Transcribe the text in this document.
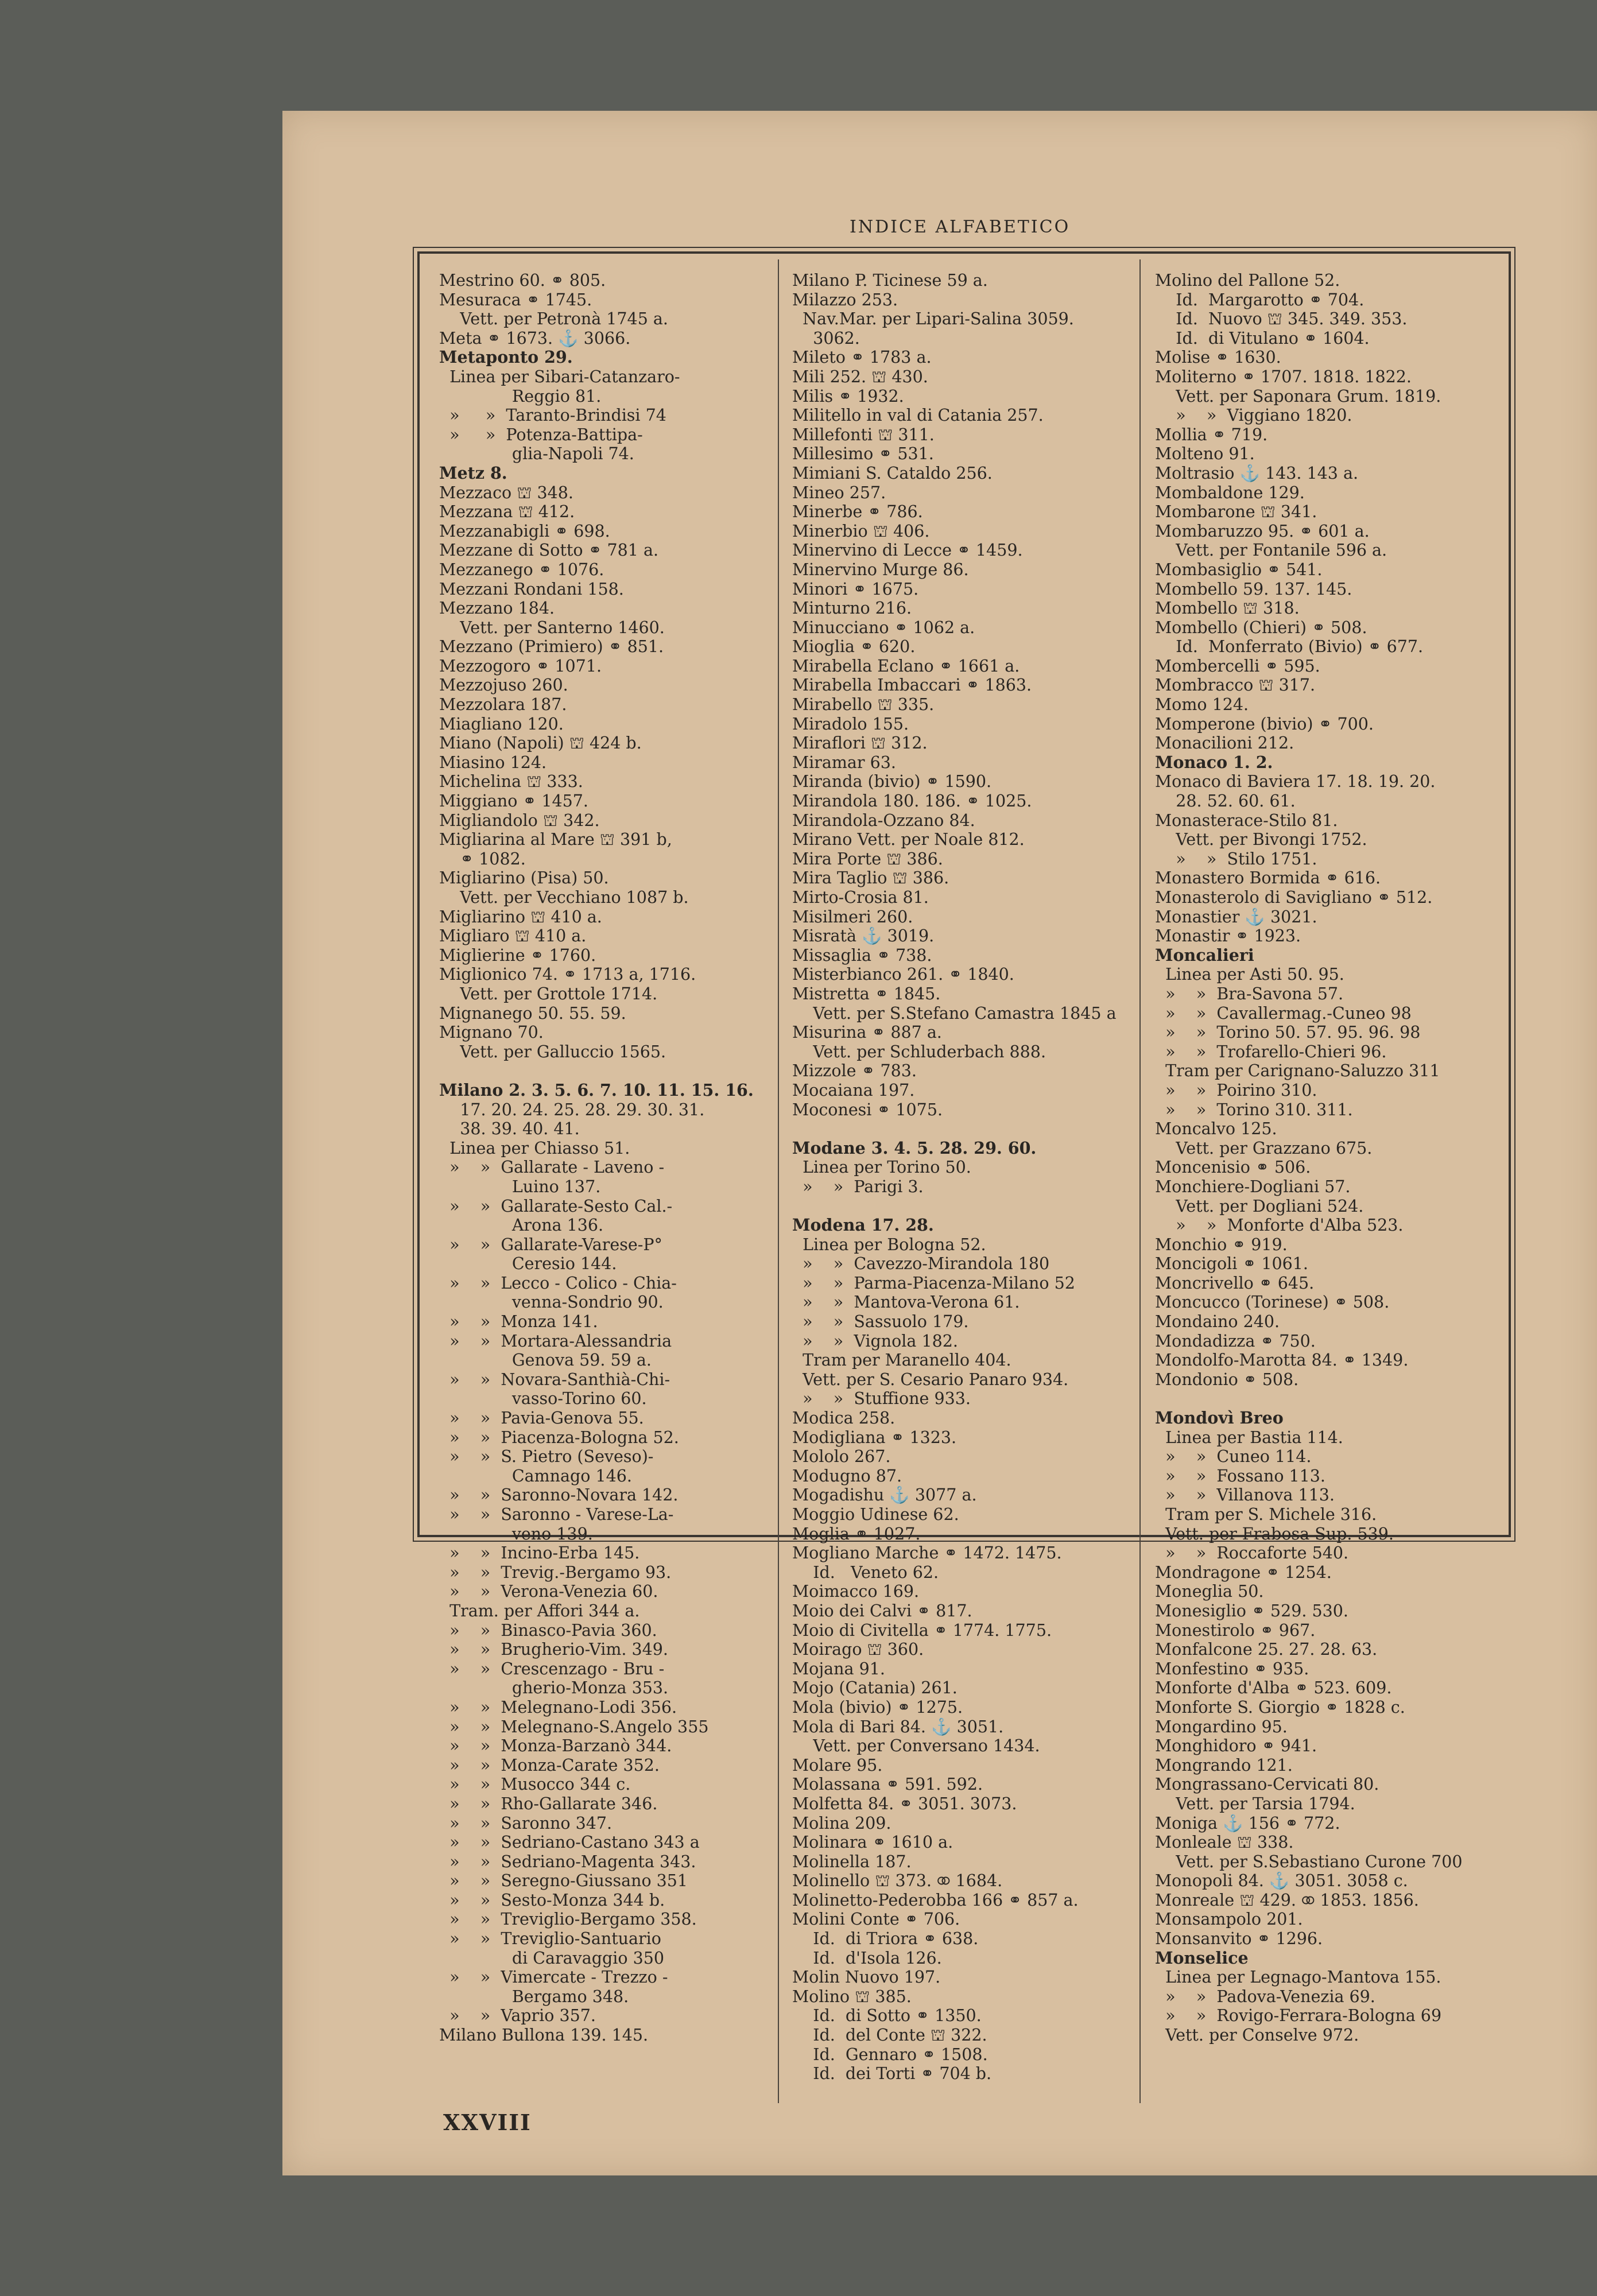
INDICE ALFABETICO
Mestrino 60. ⚭ 805.
Mesuraca ⚭ 1745.
Vett. per Petronà 1745 a.
Meta ⚭ 1673. ⚓ 3066.
Metaponto 29.
Linea per Sibari-Catanzaro-
Reggio 81.
»     »  Taranto-Brindisi 74
»     »  Potenza-Battipa-
glia-Napoli 74.
Metz 8.
Mezzaco ⛫ 348.
Mezzana ⛫ 412.
Mezzanabigli ⚭ 698.
Mezzane di Sotto ⚭ 781 a.
Mezzanego ⚭ 1076.
Mezzani Rondani 158.
Mezzano 184.
Vett. per Santerno 1460.
Mezzano (Primiero) ⚭ 851.
Mezzogoro ⚭ 1071.
Mezzojuso 260.
Mezzolara 187.
Miagliano 120.
Miano (Napoli) ⛫ 424 b.
Miasino 124.
Michelina ⛫ 333.
Miggiano ⚭ 1457.
Migliandolo ⛫ 342.
Migliarina al Mare ⛫ 391 b,
⚭ 1082.
Migliarino (Pisa) 50.
Vett. per Vecchiano 1087 b.
Migliarino ⛫ 410 a.
Migliaro ⛫ 410 a.
Miglierine ⚭ 1760.
Miglionico 74. ⚭ 1713 a, 1716.
Vett. per Grottole 1714.
Mignanego 50. 55. 59.
Mignano 70.
Vett. per Galluccio 1565.

Milano 2. 3. 5. 6. 7. 10. 11. 15. 16.
17. 20. 24. 25. 28. 29. 30. 31.
38. 39. 40. 41.
Linea per Chiasso 51.
»    »  Gallarate - Laveno -
Luino 137.
»    »  Gallarate-Sesto Cal.-
Arona 136.
»    »  Gallarate-Varese-P°
Ceresio 144.
»    »  Lecco - Colico - Chia-
venna-Sondrio 90.
»    »  Monza 141.
»    »  Mortara-Alessandria
Genova 59. 59 a.
»    »  Novara-Santhià-Chi-
vasso-Torino 60.
»    »  Pavia-Genova 55.
»    »  Piacenza-Bologna 52.
»    »  S. Pietro (Seveso)-
Camnago 146.
»    »  Saronno-Novara 142.
»    »  Saronno - Varese-La-
veno 139.
»    »  Incino-Erba 145.
»    »  Trevig.-Bergamo 93.
»    »  Verona-Venezia 60.
Tram. per Affori 344 a.
»    »  Binasco-Pavia 360.
»    »  Brugherio-Vim. 349.
»    »  Crescenzago - Bru -
gherio-Monza 353.
»    »  Melegnano-Lodi 356.
»    »  Melegnano-S.Angelo 355
»    »  Monza-Barzanò 344.
»    »  Monza-Carate 352.
»    »  Musocco 344 c.
»    »  Rho-Gallarate 346.
»    »  Saronno 347.
»    »  Sedriano-Castano 343 a
»    »  Sedriano-Magenta 343.
»    »  Seregno-Giussano 351
»    »  Sesto-Monza 344 b.
»    »  Treviglio-Bergamo 358.
»    »  Treviglio-Santuario
di Caravaggio 350
»    »  Vimercate - Trezzo -
Bergamo 348.
»    »  Vaprio 357.
Milano Bullona 139. 145.
Milano P. Ticinese 59 a.
Milazzo 253.
Nav.Mar. per Lipari-Salina 3059.
3062.
Mileto ⚭ 1783 a.
Mili 252. ⛫ 430.
Milis ⚭ 1932.
Militello in val di Catania 257.
Millefonti ⛫ 311.
Millesimo ⚭ 531.
Mimiani S. Cataldo 256.
Mineo 257.
Minerbe ⚭ 786.
Minerbio ⛫ 406.
Minervino di Lecce ⚭ 1459.
Minervino Murge 86.
Minori ⚭ 1675.
Minturno 216.
Minucciano ⚭ 1062 a.
Mioglia ⚭ 620.
Mirabella Eclano ⚭ 1661 a.
Mirabella Imbaccari ⚭ 1863.
Mirabello ⛫ 335.
Miradolo 155.
Miraflori ⛫ 312.
Miramar 63.
Miranda (bivio) ⚭ 1590.
Mirandola 180. 186. ⚭ 1025.
Mirandola-Ozzano 84.
Mirano Vett. per Noale 812.
Mira Porte ⛫ 386.
Mira Taglio ⛫ 386.
Mirto-Crosia 81.
Misilmeri 260.
Misratà ⚓ 3019.
Missaglia ⚭ 738.
Misterbianco 261. ⚭ 1840.
Mistretta ⚭ 1845.
Vett. per S.Stefano Camastra 1845 a
Misurina ⚭ 887 a.
Vett. per Schluderbach 888.
Mizzole ⚭ 783.
Mocaiana 197.
Moconesi ⚭ 1075.

Modane 3. 4. 5. 28. 29. 60.
Linea per Torino 50.
»    »  Parigi 3.

Modena 17. 28.
Linea per Bologna 52.
»    »  Cavezzo-Mirandola 180
»    »  Parma-Piacenza-Milano 52
»    »  Mantova-Verona 61.
»    »  Sassuolo 179.
»    »  Vignola 182.
Tram per Maranello 404.
Vett. per S. Cesario Panaro 934.
»    »  Stuffione 933.
Modica 258.
Modigliana ⚭ 1323.
Mololo 267.
Modugno 87.
Mogadishu ⚓ 3077 a.
Moggio Udinese 62.
Moglia ⚭ 1027.
Mogliano Marche ⚭ 1472. 1475.
Id.   Veneto 62.
Moimacco 169.
Moio dei Calvi ⚭ 817.
Moio di Civitella ⚭ 1774. 1775.
Moirago ⛫ 360.
Mojana 91.
Mojo (Catania) 261.
Mola (bivio) ⚭ 1275.
Mola di Bari 84. ⚓ 3051.
Vett. per Conversano 1434.
Molare 95.
Molassana ⚭ 591. 592.
Molfetta 84. ⚭ 3051. 3073.
Molina 209.
Molinara ⚭ 1610 a.
Molinella 187.
Molinello ⛫ 373. ⚭ 1684.
Molinetto-Pederobba 166 ⚭ 857 a.
Molini Conte ⚭ 706.
Id.  di Triora ⚭ 638.
Id.  d'Isola 126.
Molin Nuovo 197.
Molino ⛫ 385.
Id.  di Sotto ⚭ 1350.
Id.  del Conte ⛫ 322.
Id.  Gennaro ⚭ 1508.
Id.  dei Torti ⚭ 704 b.
Molino del Pallone 52.
Id.  Margarotto ⚭ 704.
Id.  Nuovo ⛫ 345. 349. 353.
Id.  di Vitulano ⚭ 1604.
Molise ⚭ 1630.
Moliterno ⚭ 1707. 1818. 1822.
Vett. per Saponara Grum. 1819.
»    »  Viggiano 1820.
Mollia ⚭ 719.
Molteno 91.
Moltrasio ⚓ 143. 143 a.
Mombaldone 129.
Mombarone ⛫ 341.
Mombaruzzo 95. ⚭ 601 a.
Vett. per Fontanile 596 a.
Mombasiglio ⚭ 541.
Mombello 59. 137. 145.
Mombello ⛫ 318.
Mombello (Chieri) ⚭ 508.
Id.  Monferrato (Bivio) ⚭ 677.
Mombercelli ⚭ 595.
Mombracco ⛫ 317.
Momo 124.
Momperone (bivio) ⚭ 700.
Monacilioni 212.
Monaco 1. 2.
Monaco di Baviera 17. 18. 19. 20.
28. 52. 60. 61.
Monasterace-Stilo 81.
Vett. per Bivongi 1752.
»    »  Stilo 1751.
Monastero Bormida ⚭ 616.
Monasterolo di Savigliano ⚭ 512.
Monastier ⚓ 3021.
Monastir ⚭ 1923.
Moncalieri
Linea per Asti 50. 95.
»    »  Bra-Savona 57.
»    »  Cavallermag.-Cuneo 98
»    »  Torino 50. 57. 95. 96. 98
»    »  Trofarello-Chieri 96.
Tram per Carignano-Saluzzo 311
»    »  Poirino 310.
»    »  Torino 310. 311.
Moncalvo 125.
Vett. per Grazzano 675.
Moncenisio ⚭ 506.
Monchiere-Dogliani 57.
Vett. per Dogliani 524.
»    »  Monforte d'Alba 523.
Monchio ⚭ 919.
Moncigoli ⚭ 1061.
Moncrivello ⚭ 645.
Moncucco (Torinese) ⚭ 508.
Mondaino 240.
Mondadizza ⚭ 750.
Mondolfo-Marotta 84. ⚭ 1349.
Mondonio ⚭ 508.

Mondovì Breo
Linea per Bastia 114.
»    »  Cuneo 114.
»    »  Fossano 113.
»    »  Villanova 113.
Tram per S. Michele 316.
Vett. per Frabosa Sup. 539.
»    »  Roccaforte 540.
Mondragone ⚭ 1254.
Moneglia 50.
Monesiglio ⚭ 529. 530.
Monestirolo ⚭ 967.
Monfalcone 25. 27. 28. 63.
Monfestino ⚭ 935.
Monforte d'Alba ⚭ 523. 609.
Monforte S. Giorgio ⚭ 1828 c.
Mongardino 95.
Monghidoro ⚭ 941.
Mongrando 121.
Mongrassano-Cervicati 80.
Vett. per Tarsia 1794.
Moniga ⚓ 156 ⚭ 772.
Monleale ⛫ 338.
Vett. per S.Sebastiano Curone 700
Monopoli 84. ⚓ 3051. 3058 c.
Monreale ⛫ 429. ⚭ 1853. 1856.
Monsampolo 201.
Monsanvito ⚭ 1296.
Monselice
Linea per Legnago-Mantova 155.
»    »  Padova-Venezia 69.
»    »  Rovigo-Ferrara-Bologna 69
Vett. per Conselve 972.
XXVIII
